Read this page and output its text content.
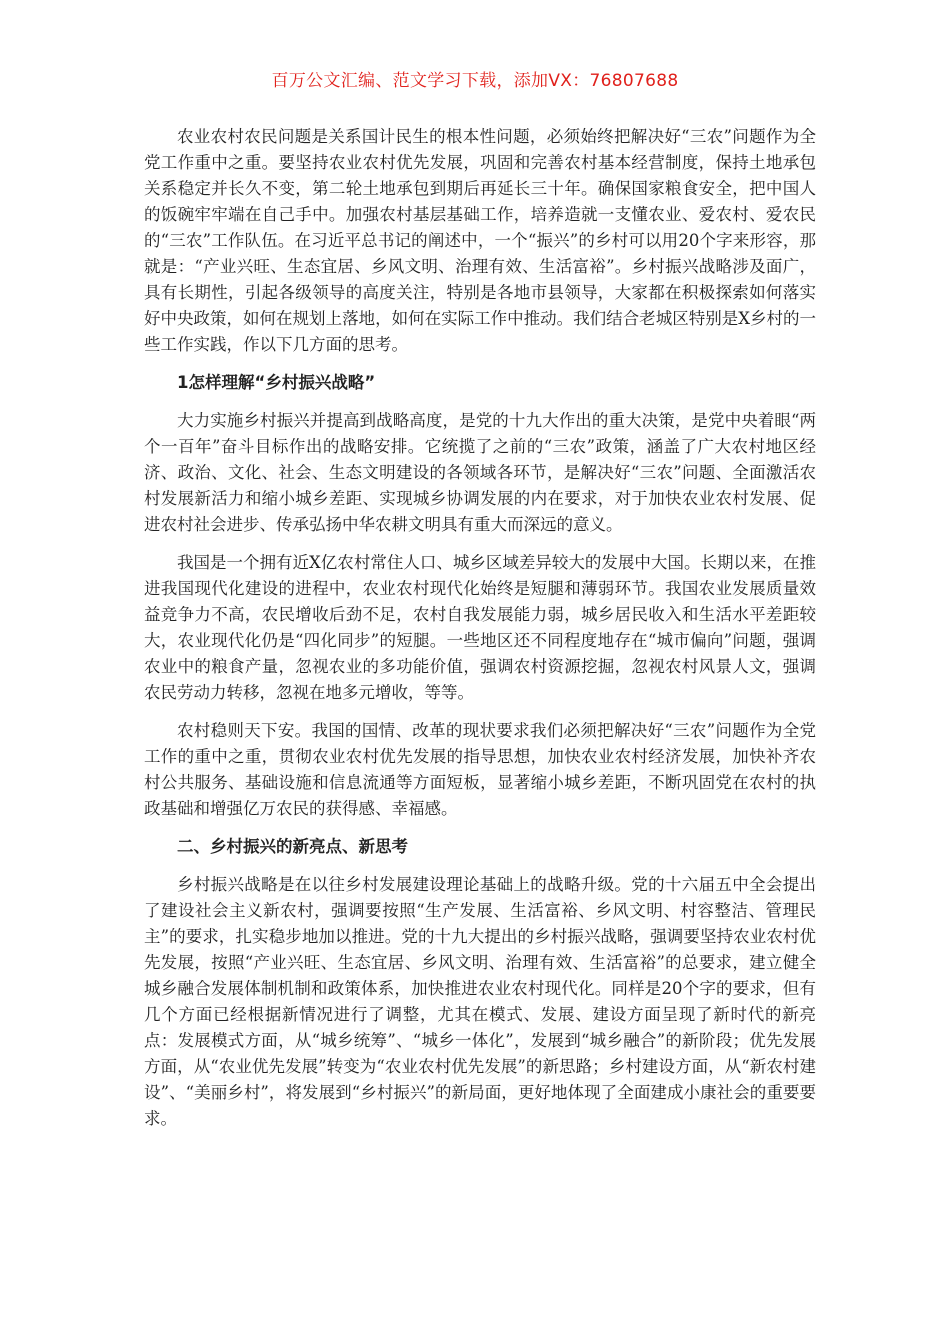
百万公文汇编、范文学习下载，添加VX：76807688

农业农村农民问题是关系国计民生的根本性问题，必须始终把解决好“三农”问题作为全党工作重中之重。要坚持农业农村优先发展，巩固和完善农村基本经营制度，保持土地承包关系稳定并长久不变，第二轮土地承包到期后再延长三十年。确保国家粮食安全，把中国人的饭碗牢牢端在自己手中。加强农村基层基础工作，培养造就一支懂农业、爱农村、爱农民的“三农”工作队伍。在习近平总书记的阐述中，一个“振兴”的乡村可以用20个字来形容，那就是：“产业兴旺、生态宜居、乡风文明、治理有效、生活富裕”。乡村振兴战略涉及面广，具有长期性，引起各级领导的高度关注，特别是各地市县领导，大家都在积极探索如何落实好中央政策，如何在规划上落地，如何在实际工作中推动。我们结合老城区特别是X乡村的一些工作实践，作以下几方面的思考。

1怎样理解“乡村振兴战略”

大力实施乡村振兴并提高到战略高度，是党的十九大作出的重大决策，是党中央着眼“两个一百年”奋斗目标作出的战略安排。它统揽了之前的“三农”政策，涵盖了广大农村地区经济、政治、文化、社会、生态文明建设的各领域各环节，是解决好“三农”问题、全面激活农村发展新活力和缩小城乡差距、实现城乡协调发展的内在要求，对于加快农业农村发展、促进农村社会进步、传承弘扬中华农耕文明具有重大而深远的意义。

我国是一个拥有近X亿农村常住人口、城乡区域差异较大的发展中大国。长期以来，在推进我国现代化建设的进程中，农业农村现代化始终是短腿和薄弱环节。我国农业发展质量效益竞争力不高，农民增收后劲不足，农村自我发展能力弱，城乡居民收入和生活水平差距较大，农业现代化仍是“四化同步”的短腿。一些地区还不同程度地存在“城市偏向”问题，强调农业中的粮食产量，忽视农业的多功能价值，强调农村资源挖掘，忽视农村风景人文，强调农民劳动力转移，忽视在地多元增收，等等。

农村稳则天下安。我国的国情、改革的现状要求我们必须把解决好“三农”问题作为全党工作的重中之重，贯彻农业农村优先发展的指导思想，加快农业农村经济发展，加快补齐农村公共服务、基础设施和信息流通等方面短板，显著缩小城乡差距，不断巩固党在农村的执政基础和增强亿万农民的获得感、幸福感。

二、乡村振兴的新亮点、新思考

乡村振兴战略是在以往乡村发展建设理论基础上的战略升级。党的十六届五中全会提出了建设社会主义新农村，强调要按照“生产发展、生活富裕、乡风文明、村容整洁、管理民主”的要求，扎实稳步地加以推进。党的十九大提出的乡村振兴战略，强调要坚持农业农村优先发展，按照“产业兴旺、生态宜居、乡风文明、治理有效、生活富裕”的总要求，建立健全城乡融合发展体制机制和政策体系，加快推进农业农村现代化。同样是20个字的要求，但有几个方面已经根据新情况进行了调整，尤其在模式、发展、建设方面呈现了新时代的新亮点：发展模式方面，从“城乡统筹”、“城乡一体化”，发展到“城乡融合”的新阶段；优先发展方面，从“农业优先发展”转变为“农业农村优先发展”的新思路；乡村建设方面，从“新农村建设”、“美丽乡村”，将发展到“乡村振兴”的新局面，更好地体现了全面建成小康社会的重要要求。
